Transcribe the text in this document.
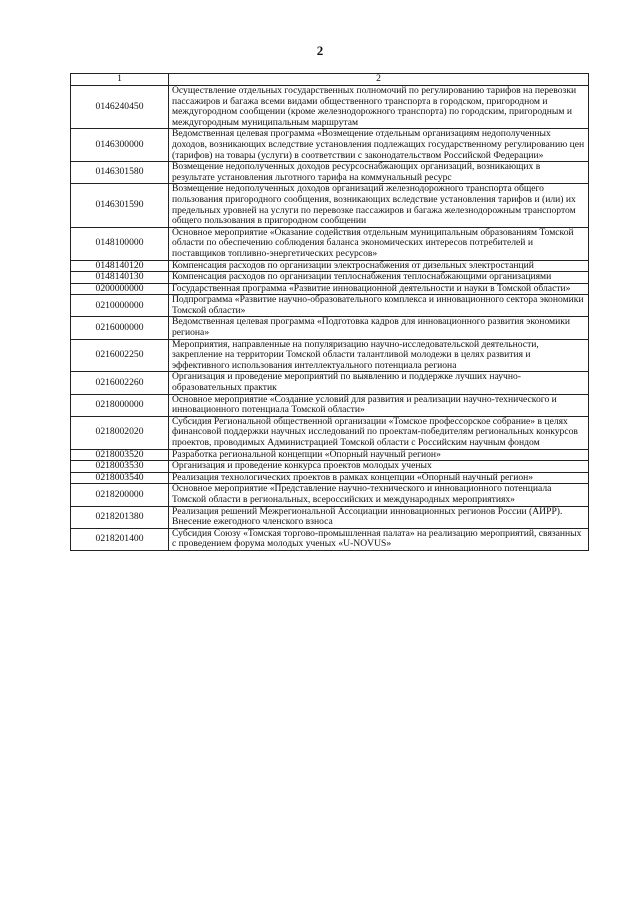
2
1	2
0146240450	Осуществление отдельных государственных полномочий по регулированию тарифов на перевозки пассажиров и багажа всеми видами общественного транспорта в городском, пригородном и междугородном сообщении (кроме железнодорожного транспорта) по городским, пригородным и междугородным муниципальным маршрутам
0146300000	Ведомственная целевая программа «Возмещение отдельным организациям недополученных доходов, возникающих вследствие установления подлежащих государственному регулированию цен (тарифов) на товары (услуги) в соответствии с законодательством Российской Федерации»
0146301580	Возмещение недополученных доходов ресурсоснабжающих организаций, возникающих в результате установления льготного тарифа на коммунальный ресурс
0146301590	Возмещение недополученных доходов организаций железнодорожного транспорта общего пользования пригородного сообщения, возникающих вследствие установления тарифов и (или) их предельных уровней на услуги по перевозке пассажиров и багажа железнодорожным транспортом общего пользования в пригородном сообщении
0148100000	Основное мероприятие «Оказание содействия отдельным муниципальным образованиям Томской области по обеспечению соблюдения баланса экономических интересов потребителей и поставщиков топливно-энергетических ресурсов»
0148140120	Компенсация расходов по организации электроснабжения от дизельных электростанций
0148140130	Компенсация расходов по организации теплоснабжения теплоснабжающими организациями
0200000000	Государственная программа «Развитие инновационной деятельности и науки в Томской области»
0210000000	Подпрограмма «Развитие научно-образовательного комплекса и инновационного сектора экономики Томской области»
0216000000	Ведомственная целевая программа «Подготовка кадров для инновационного развития экономики региона»
0216002250	Мероприятия, направленные на популяризацию научно-исследовательской деятельности, закрепление на территории Томской области талантливой молодежи в целях развития и эффективного использования интеллектуального потенциала региона
0216002260	Организация и проведение мероприятий по выявлению и поддержке лучших научно-образовательных практик
0218000000	Основное мероприятие «Создание условий для развития и реализации научно-технического и инновационного потенциала Томской области»
0218002020	Субсидия Региональной общественной организации «Томское профессорское собрание» в целях финансовой поддержки научных исследований по проектам-победителям региональных конкурсов проектов, проводимых Администрацией Томской области с Российским научным фондом
0218003520	Разработка региональной концепции «Опорный научный регион»
0218003530	Организация и проведение конкурса проектов молодых ученых
0218003540	Реализация технологических проектов в рамках концепции «Опорный научный регион»
0218200000	Основное мероприятие «Представление научно-технического и инновационного потенциала Томской области в региональных, всероссийских и международных мероприятиях»
0218201380	Реализация решений Межрегиональной Ассоциации инновационных регионов России (АИРР). Внесение ежегодного членского взноса
0218201400	Субсидия Союзу «Томская торгово-промышленная палата» на реализацию мероприятий, связанных с проведением форума молодых ученых «U-NOVUS»
